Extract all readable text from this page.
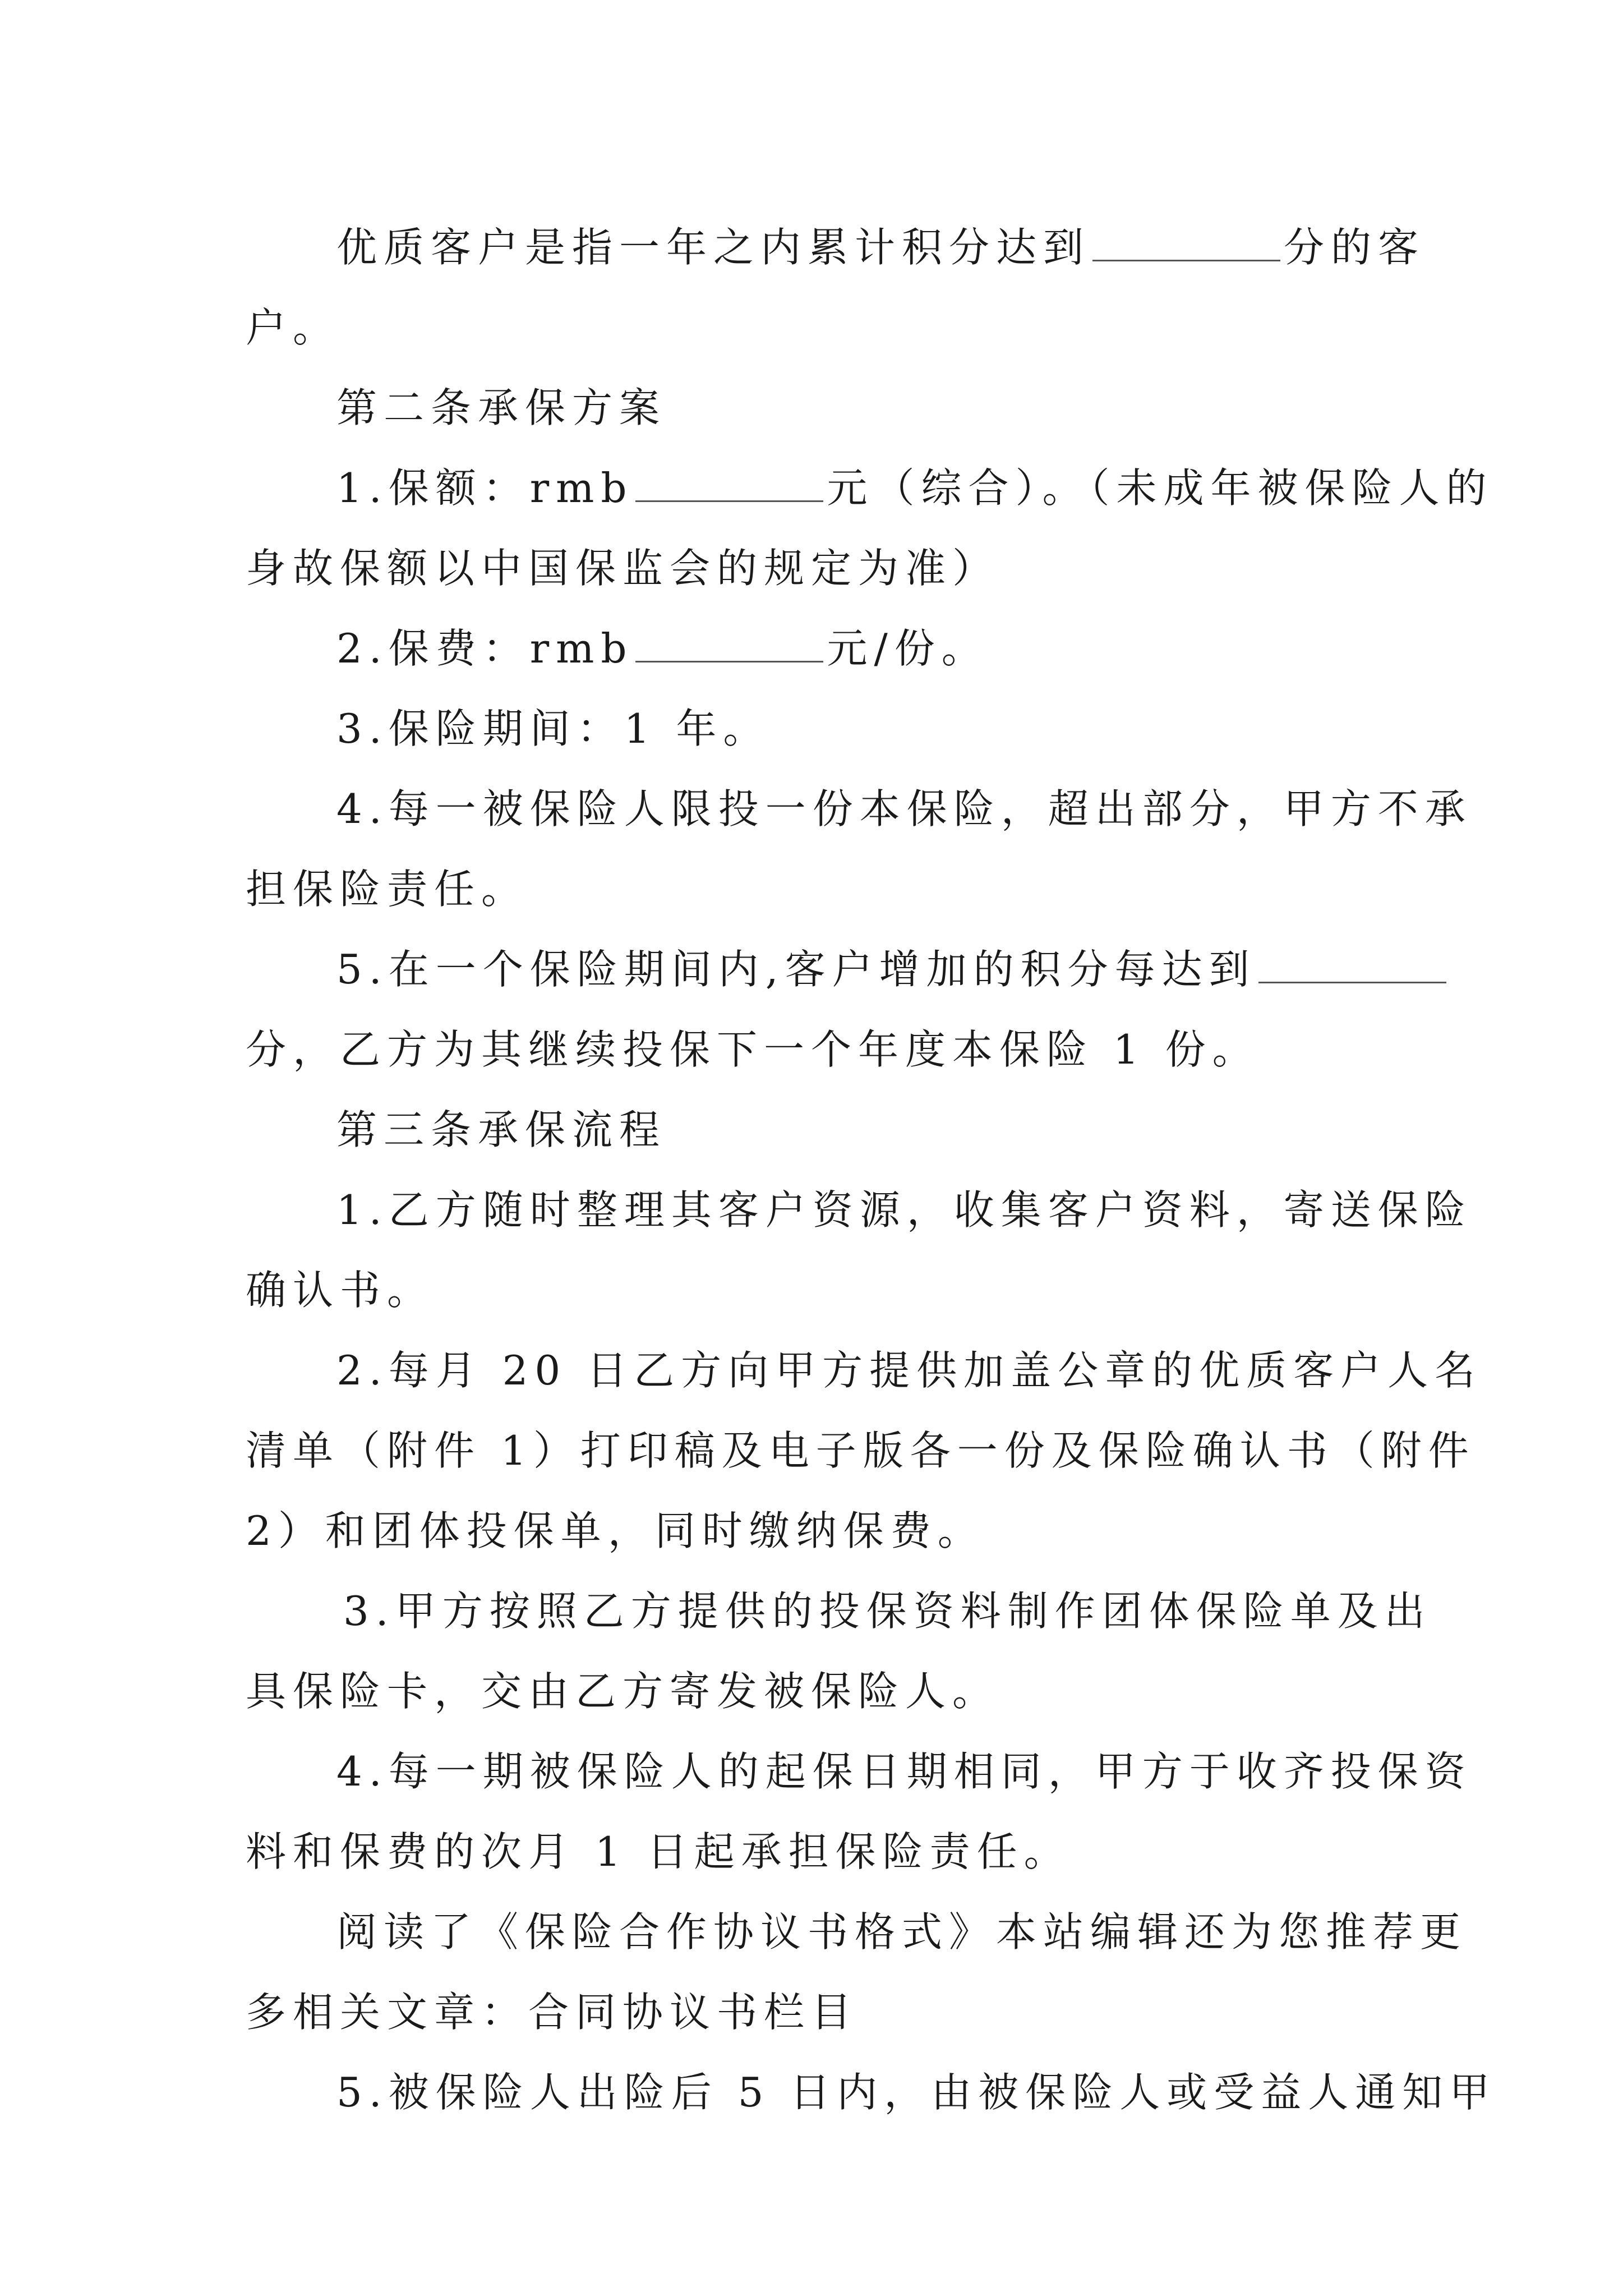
优质客户是指一年之内累计积分达到	分的客
户。
第二条承保方案
1.保额：rmb	元（综合）。（未成年被保险人的
身故保额以中国保监会的规定为准）
2.保费：rmb	元/份。
3.保险期间：1 年。
4.每一被保险人限投一份本保险，超出部分，甲方不承
担保险责任。
5.在一个保险期间内,客户增加的积分每达到
分，乙方为其继续投保下一个年度本保险 1 份。
第三条承保流程
1.乙方随时整理其客户资源，收集客户资料，寄送保险
确认书。
2.每月 20 日乙方向甲方提供加盖公章的优质客户人名
清单（附件 1）打印稿及电子版各一份及保险确认书（附件
2）和团体投保单，同时缴纳保费。
3.甲方按照乙方提供的投保资料制作团体保险单及出
具保险卡，交由乙方寄发被保险人。
4.每一期被保险人的起保日期相同，甲方于收齐投保资
料和保费的次月 1 日起承担保险责任。
阅读了《保险合作协议书格式》本站编辑还为您推荐更
多相关文章：合同协议书栏目
5.被保险人出险后 5 日内，由被保险人或受益人通知甲
